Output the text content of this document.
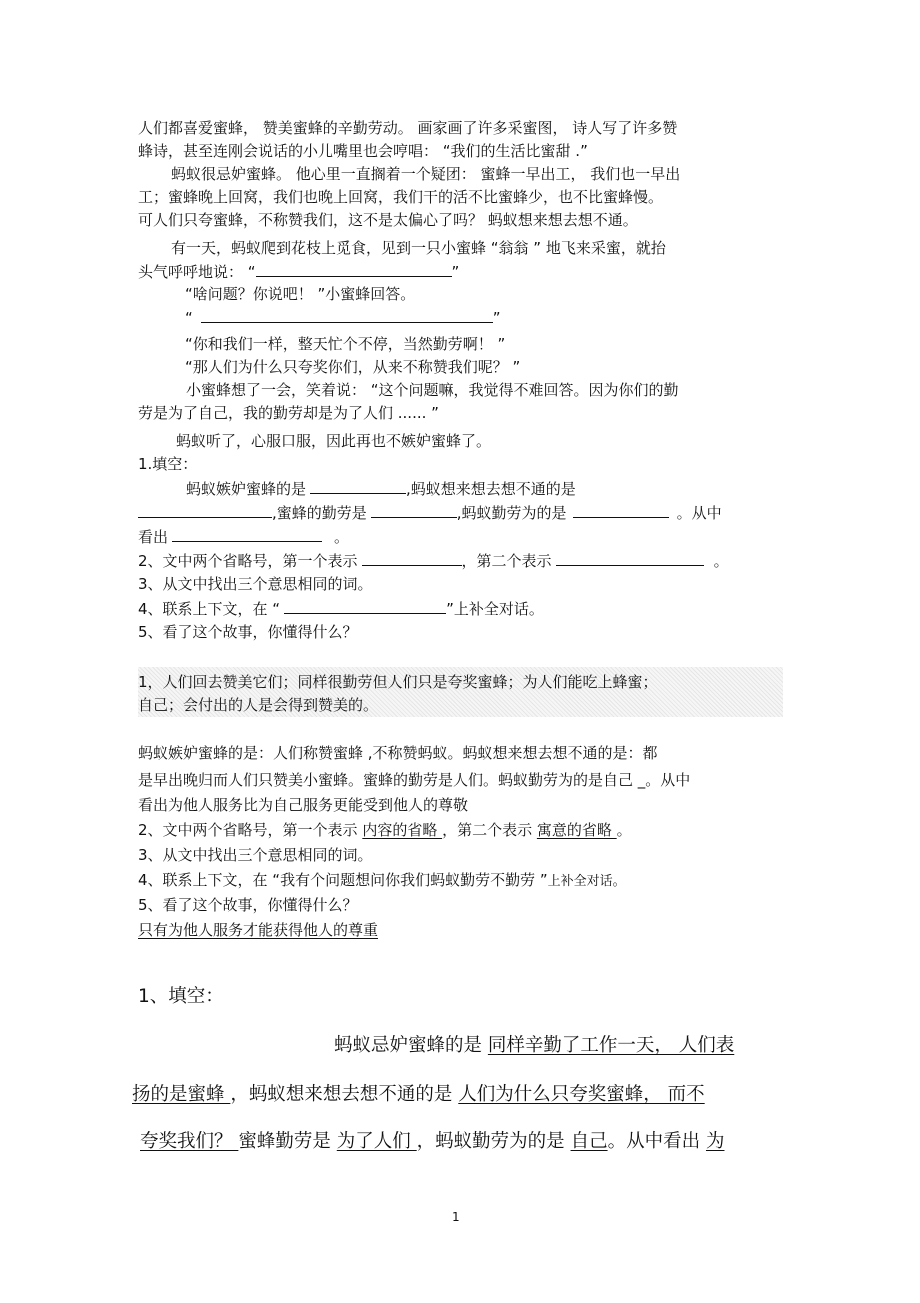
人们都喜爱蜜蜂， 赞美蜜蜂的辛勤劳动。 画家画了许多采蜜图， 诗人写了许多赞
蜂诗，甚至连刚会说话的小儿嘴里也会哼唱： “我们的生活比蜜甜 .”
蚂蚁很忌妒蜜蜂。 他心里一直搁着一个疑团： 蜜蜂一早出工， 我们也一早出
工；蜜蜂晚上回窝，我们也晚上回窝，我们干的活不比蜜蜂少，也不比蜜蜂慢。
可人们只夸蜜蜂，不称赞我们，这不是太偏心了吗？ 蚂蚁想来想去想不通。
有一天，蚂蚁爬到花枝上觅食，见到一只小蜜蜂 “翁翁 ” 地飞来采蜜，就抬
头气呼呼地说： “	”
“啥问题？你说吧！ ”小蜜蜂回答。
“	”
“你和我们一样，整天忙个不停，当然勤劳啊！ ”
“那人们为什么只夸奖你们，从来不称赞我们呢？ ”
小蜜蜂想了一会，笑着说： “这个问题嘛，我觉得不难回答。因为你们的勤
劳是为了自己，我的勤劳却是为了人们 ...... ”
蚂蚁听了，心服口服，因此再也不嫉妒蜜蜂了。
1.填空：
蚂蚁嫉妒蜜蜂的是	,蚂蚁想来想去想不通的是
,蜜蜂的勤劳是	,蚂蚁勤劳为的是	。从中
看出	。
2、文中两个省略号，第一个表示	，第二个表示	。
3、从文中找出三个意思相同的词。
4、联系上下文，在 “	”上补全对话。
5、看了这个故事，你懂得什么？
1，人们回去赞美它们；同样很勤劳但人们只是夸奖蜜蜂；为人们能吃上蜂蜜；
自己；会付出的人是会得到赞美的。
蚂蚁嫉妒蜜蜂的是：人们称赞蜜蜂 ,不称赞蚂蚁。蚂蚁想来想去想不通的是：都
是早出晚归而人们只赞美小蜜蜂。蜜蜂的勤劳是人们。蚂蚁勤劳为的是自己 _。从中
看出为他人服务比为自己服务更能受到他人的尊敬
2、文中两个省略号，第一个表示 内容的省略 ，第二个表示 寓意的省略 。
3、从文中找出三个意思相同的词。
4、联系上下文，在 “我有个问题想问你我们蚂蚁勤劳不勤劳 ”上补全对话。
5、看了这个故事，你懂得什么？
只有为他人服务才能获得他人的尊重
1、填空：
蚂蚁忌妒蜜蜂的是 同样辛勤了工作一天， 人们表
扬的是蜜蜂 ，蚂蚁想来想去想不通的是 人们为什么只夸奖蜜蜂， 而不
夸奖我们？ 蜜蜂勤劳是 为了人们 ，蚂蚁勤劳为的是 自己。从中看出 为
1
